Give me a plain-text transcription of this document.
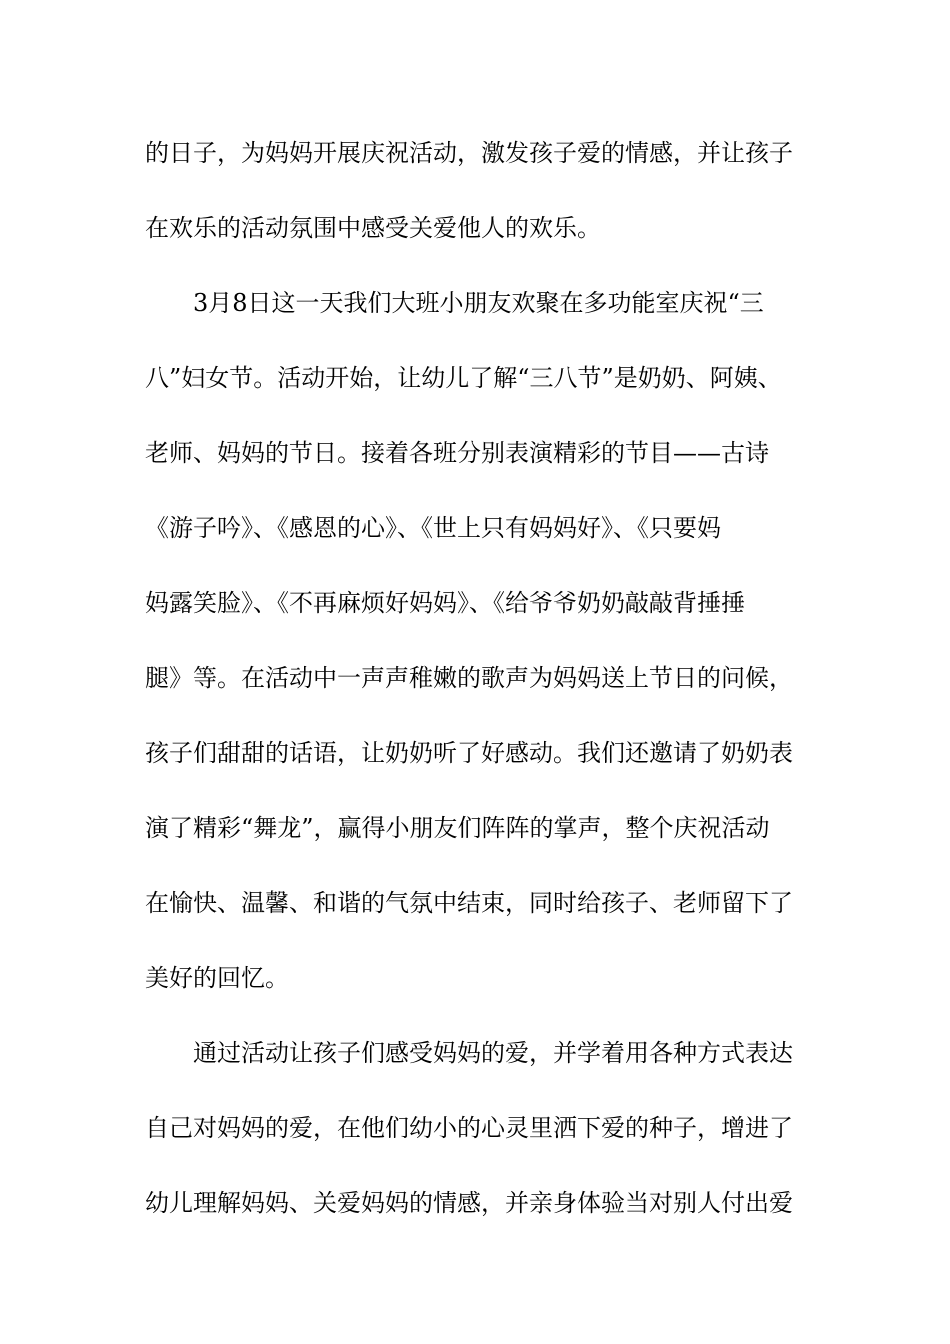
的日子，为妈妈开展庆祝活动，激发孩子爱的情感，并让孩子
在欢乐的活动氛围中感受关爱他人的欢乐。
3月8日这一天我们大班小朋友欢聚在多功能室庆祝“三
八”妇女节。活动开始，让幼儿了解“三八节”是奶奶、阿姨、
老师、妈妈的节日。接着各班分别表演精彩的节目——古诗
《游子吟》、《感恩的心》、《世上只有妈妈好》、《只要妈
妈露笑脸》、《不再麻烦好妈妈》、《给爷爷奶奶敲敲背捶捶
腿》等。在活动中一声声稚嫩的歌声为妈妈送上节日的问候，
孩子们甜甜的话语，让奶奶听了好感动。我们还邀请了奶奶表
演了精彩“舞龙”，赢得小朋友们阵阵的掌声，整个庆祝活动
在愉快、温馨、和谐的气氛中结束，同时给孩子、老师留下了
美好的回忆。
通过活动让孩子们感受妈妈的爱，并学着用各种方式表达
自己对妈妈的爱，在他们幼小的心灵里洒下爱的种子，增进了
幼儿理解妈妈、关爱妈妈的情感，并亲身体验当对别人付出爱
